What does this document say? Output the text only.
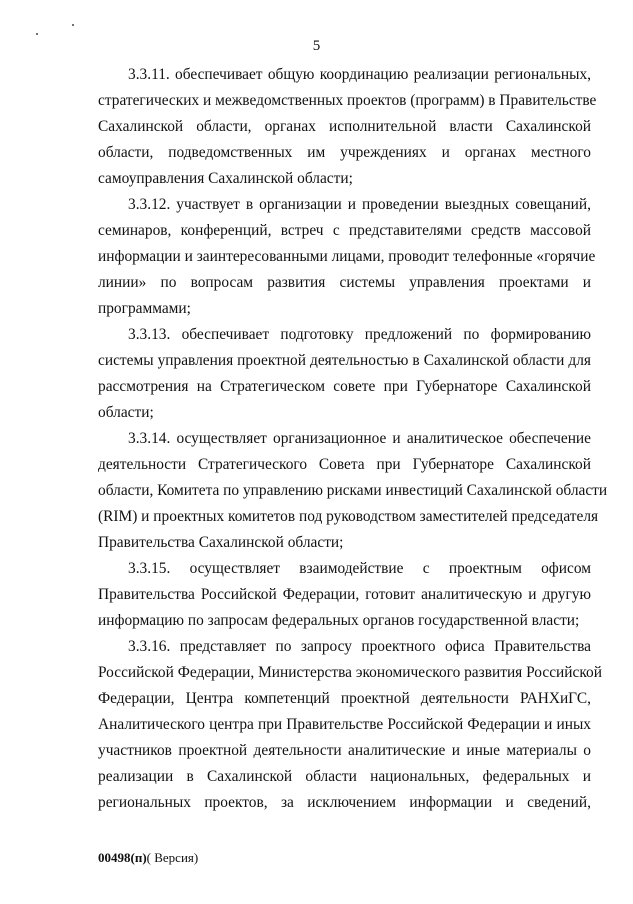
5
3.3.11. обеспечивает общую координацию реализации региональных,
стратегических и межведомственных проектов (программ) в Правительстве
Сахалинской области, органах исполнительной власти Сахалинской
области, подведомственных им учреждениях и органах местного
самоуправления Сахалинской области;
3.3.12. участвует в организации и проведении выездных совещаний,
семинаров, конференций, встреч с представителями средств массовой
информации и заинтересованными лицами, проводит телефонные «горячие
линии» по вопросам развития системы управления проектами и
программами;
3.3.13. обеспечивает подготовку предложений по формированию
системы управления проектной деятельностью в Сахалинской области для
рассмотрения на Стратегическом совете при Губернаторе Сахалинской
области;
3.3.14. осуществляет организационное и аналитическое обеспечение
деятельности Стратегического Совета при Губернаторе Сахалинской
области, Комитета по управлению рисками инвестиций Сахалинской области
(RIM) и проектных комитетов под руководством заместителей председателя
Правительства Сахалинской области;
3.3.15. осуществляет взаимодействие с проектным офисом
Правительства Российской Федерации, готовит аналитическую и другую
информацию по запросам федеральных органов государственной власти;
3.3.16. представляет по запросу проектного офиса Правительства
Российской Федерации, Министерства экономического развития Российской
Федерации, Центра компетенций проектной деятельности РАНХиГС,
Аналитического центра при Правительстве Российской Федерации и иных
участников проектной деятельности аналитические и иные материалы о
реализации в Сахалинской области национальных, федеральных и
региональных проектов, за исключением информации и сведений,
00498(п)( Версия)
